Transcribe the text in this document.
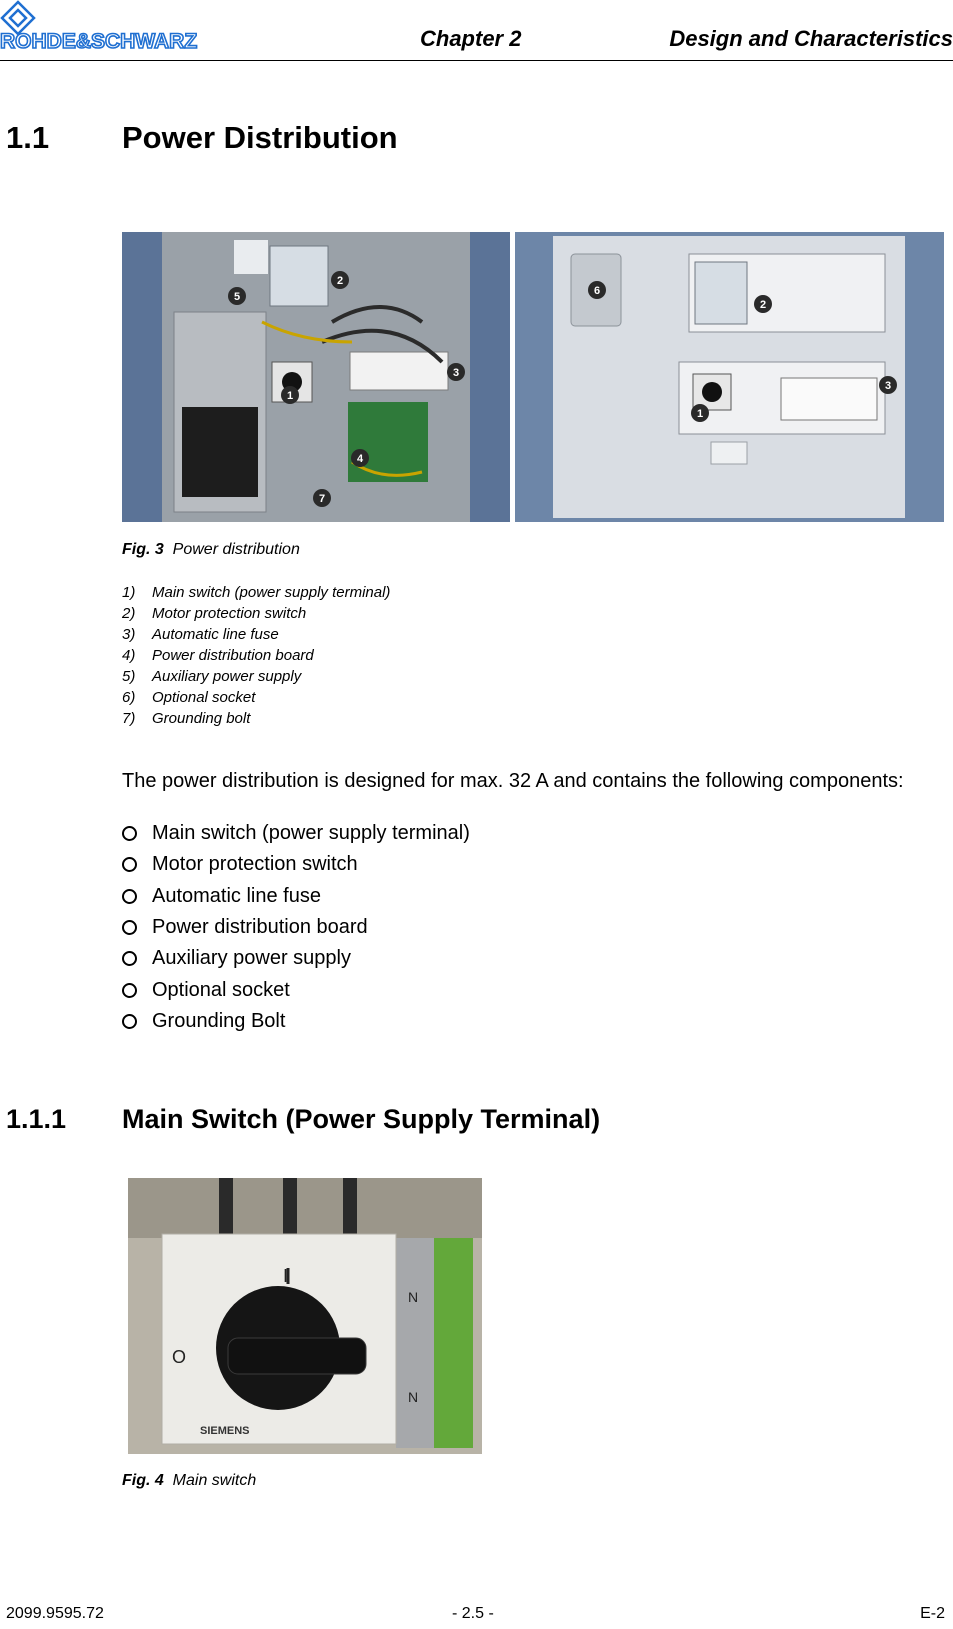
ROHDE&SCHWARZ	Chapter 2	Design and Characteristics
1.1 Power Distribution
1
2
3
4
5
7
1
2
3
6
Fig. 3 Power distribution
1)	Main switch (power supply terminal)
2)	Motor protection switch
3)	Automatic line fuse
4)	Power distribution board
5)	Auxiliary power supply
6)	Optional socket
7)	Grounding bolt
The power distribution is designed for max. 32 A and contains the following components:
Main switch (power supply terminal)
Motor protection switch
Automatic line fuse
Power distribution board
Auxiliary power supply
Optional socket
Grounding Bolt
1.1.1 Main Switch (Power Supply Terminal)
O
I
N
N
SIEMENS
Fig. 4 Main switch
2099.9595.72	- 2.5 -	E-2
